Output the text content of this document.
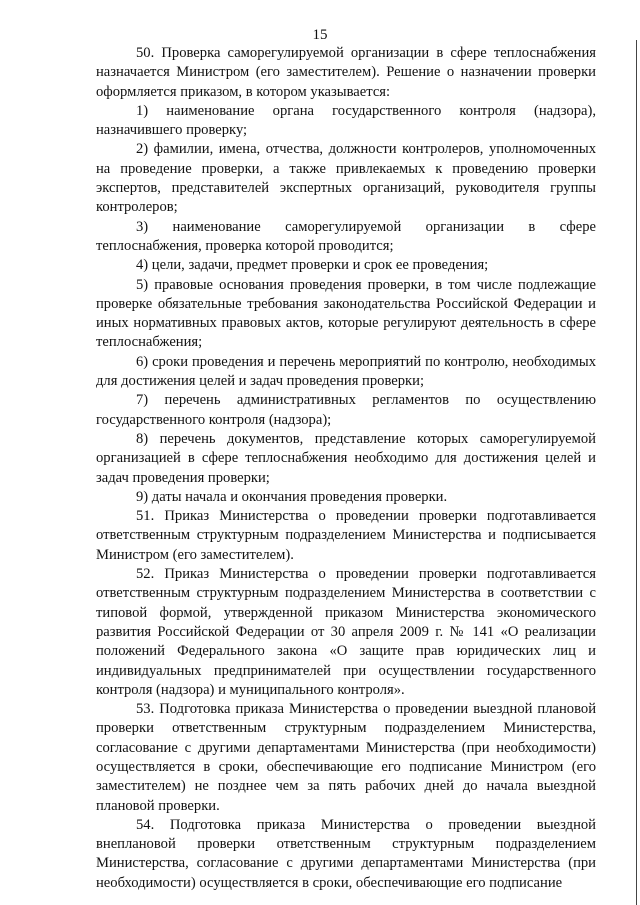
15

50. Проверка саморегулируемой организации в сфере теплоснабжения назначается Министром (его заместителем). Решение о назначении проверки оформляется приказом, в котором указывается:

1) наименование органа государственного контроля (надзора), назначившего проверку;

2) фамилии, имена, отчества, должности контролеров, уполномоченных на проведение проверки, а также привлекаемых к проведению проверки экспертов, представителей экспертных организаций, руководителя группы контролеров;

3) наименование саморегулируемой организации в сфере теплоснабжения, проверка которой проводится;

4) цели, задачи, предмет проверки и срок ее проведения;

5) правовые основания проведения проверки, в том числе подлежащие проверке обязательные требования законодательства Российской Федерации и иных нормативных правовых актов, которые регулируют деятельность в сфере теплоснабжения;

6) сроки проведения и перечень мероприятий по контролю, необходимых для достижения целей и задач проведения проверки;

7) перечень административных регламентов по осуществлению государственного контроля (надзора);

8) перечень документов, представление которых саморегулируемой организацией в сфере теплоснабжения необходимо для достижения целей и задач проведения проверки;

9) даты начала и окончания проведения проверки.

51. Приказ Министерства о проведении проверки подготавливается ответственным структурным подразделением Министерства и подписывается Министром (его заместителем).

52. Приказ Министерства о проведении проверки подготавливается ответственным структурным подразделением Министерства в соответствии с типовой формой, утвержденной приказом Министерства экономического развития Российской Федерации от 30 апреля 2009 г. № 141 «О реализации положений Федерального закона «О защите прав юридических лиц и индивидуальных предпринимателей при осуществлении государственного контроля (надзора) и муниципального контроля».

53. Подготовка приказа Министерства о проведении выездной плановой проверки ответственным структурным подразделением Министерства, согласование с другими департаментами Министерства (при необходимости) осуществляется в сроки, обеспечивающие его подписание Министром (его заместителем) не позднее чем за пять рабочих дней до начала выездной плановой проверки.

54. Подготовка приказа Министерства о проведении выездной внеплановой проверки ответственным структурным подразделением Министерства, согласование с другими департаментами Министерства (при необходимости) осуществляется в сроки, обеспечивающие его подписание
